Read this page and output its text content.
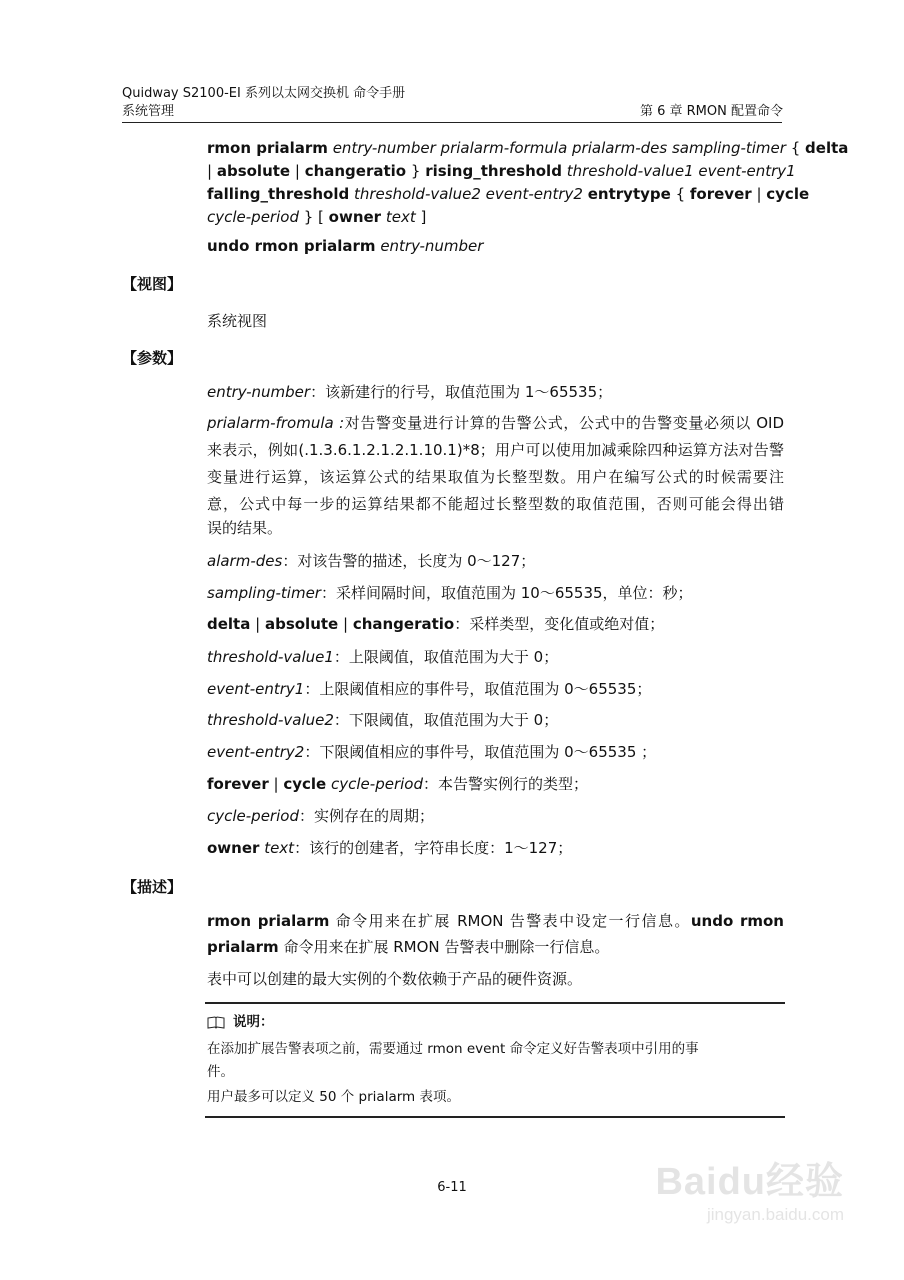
Quidway S2100-EI 系列以太网交换机 命令手册
系统管理	第 6 章 RMON 配置命令
rmon prialarm entry-number prialarm-formula prialarm-des sampling-timer { delta
| absolute | changeratio } rising_threshold threshold-value1 event-entry1
falling_threshold threshold-value2 event-entry2 entrytype { forever | cycle
cycle-period } [ owner text ]
undo rmon prialarm entry-number
【视图】
系统视图
【参数】
entry-number：该新建行的行号，取值范围为 1～65535；
prialarm-fromula :对告警变量进行计算的告警公式，公式中的告警变量必须以 OID
来表示，例如(.1.3.6.1.2.1.2.1.10.1)*8；用户可以使用加减乘除四种运算方法对告警
变量进行运算，该运算公式的结果取值为长整型数。用户在编写公式的时候需要注
意，公式中每一步的运算结果都不能超过长整型数的取值范围，否则可能会得出错
误的结果。
alarm-des：对该告警的描述，长度为 0～127；
sampling-timer：采样间隔时间，取值范围为 10～65535，单位：秒；
delta | absolute | changeratio：采样类型，变化值或绝对值；
threshold-value1：上限阈值，取值范围为大于 0；
event-entry1：上限阈值相应的事件号，取值范围为 0～65535；
threshold-value2：下限阈值，取值范围为大于 0；
event-entry2：下限阈值相应的事件号，取值范围为 0～65535 ；
forever | cycle cycle-period：本告警实例行的类型；
cycle-period：实例存在的周期；
owner text：该行的创建者，字符串长度：1～127；
【描述】
rmon prialarm 命令用来在扩展 RMON 告警表中设定一行信息。undo rmon
prialarm 命令用来在扩展 RMON 告警表中删除一行信息。
表中可以创建的最大实例的个数依赖于产品的硬件资源。
说明：
在添加扩展告警表项之前，需要通过 rmon event 命令定义好告警表项中引用的事
件。
用户最多可以定义 50 个 prialarm 表项。
6-11	Baidu经验
jingyan.baidu.com
